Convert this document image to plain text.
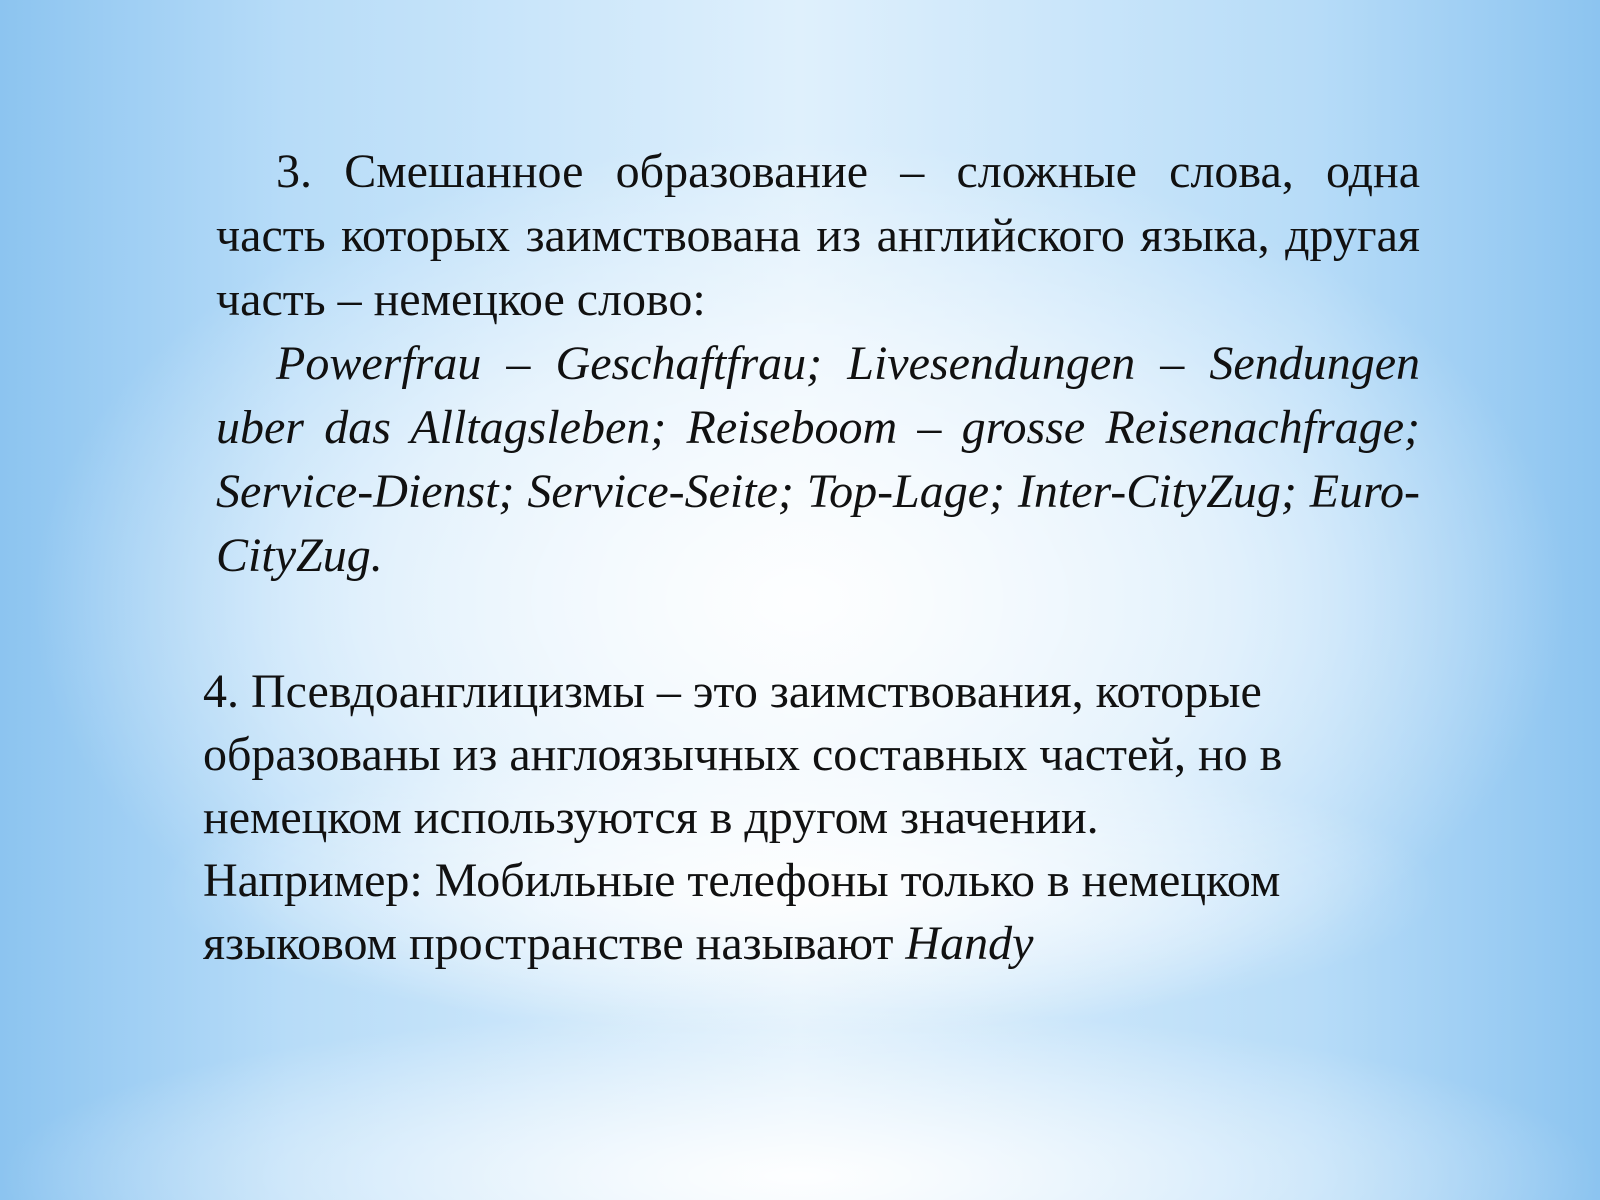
3. Смешанное образование – сложные слова, одна часть которых заимствована из английского языка, другая часть – немецкое слово:

Powerfrau – Geschaftfrau; Livesendungen – Sendungen uber das Alltagsleben; Reiseboom – grosse Reisenachfrage; Service-Dienst; Service-Seite; Top-Lage; Inter-CityZug; Euro-CityZug.

4. Псевдоанглицизмы – это заимствования, которые образованы из англоязычных составных частей, но в немецком используются в другом значении.

Например: Мобильные телефоны только в немецком языковом пространстве называют Handy
